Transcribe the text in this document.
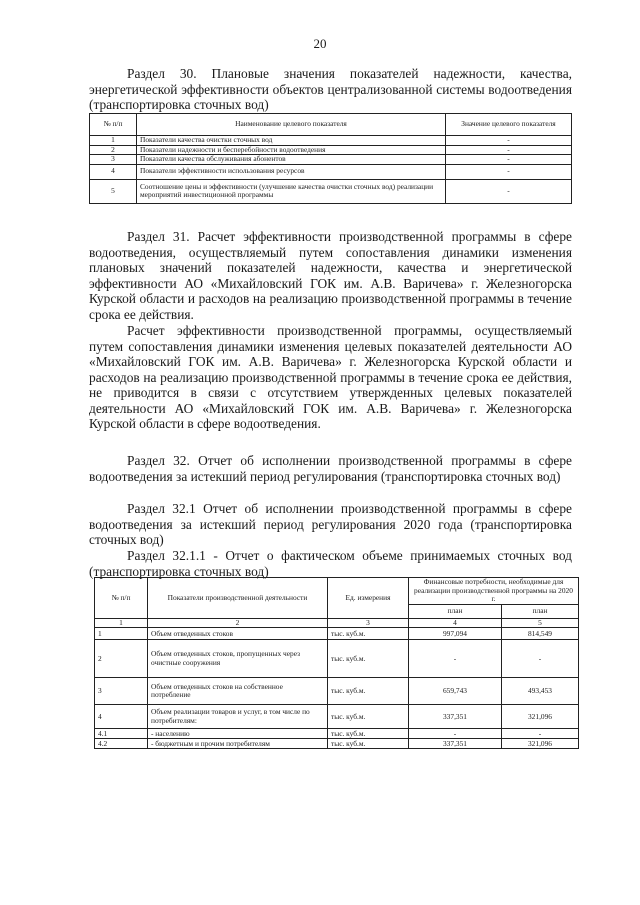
20
Раздел 30. Плановые значения показателей надежности, качества, энергетической эффективности объектов централизованной системы водоотведения (транспортировка сточных вод)
№ п/п	Наименование целевого показателя	Значение целевого показателя
1	Показатели качества очистки сточных вод	-
2	Показатели надежности и бесперебойности водоотведения	-
3	Показатели качества обслуживания абонентов	-
4	Показатели эффективности использования ресурсов	-
5	Соотношение цены и эффективности (улучшение качества очистки сточных вод) реализации мероприятий инвестиционной программы	-
Раздел 31. Расчет эффективности производственной программы в сфере водоотведения, осуществляемый путем сопоставления динамики изменения плановых значений показателей надежности, качества и энергетической эффективности АО «Михайловский ГОК им. А.В. Варичева» г. Железногорска Курской области и расходов на реализацию производственной программы в течение срока ее действия.
Расчет эффективности производственной программы, осуществляемый путем сопоставления динамики изменения целевых показателей деятельности АО «Михайловский ГОК им. А.В. Варичева» г. Железногорска Курской области и расходов на реализацию производственной программы в течение срока ее действия, не приводится в связи с отсутствием утвержденных целевых показателей деятельности АО «Михайловский ГОК им. А.В. Варичева» г. Железногорска Курской области в сфере водоотведения.
Раздел 32. Отчет об исполнении производственной программы в сфере водоотведения за истекший период регулирования (транспортировка сточных вод)
Раздел 32.1 Отчет об исполнении производственной программы в сфере водоотведения за истекший период регулирования 2020 года (транспортировка сточных вод)
Раздел 32.1.1 - Отчет о фактическом объеме принимаемых сточных вод (транспортировка сточных вод)
№ п/п	Показатели производственной деятельности	Ед. измерения	Финансовые потребности, необходимые для реализации производственной программы на 2020 г.	
			план	план
1	2	3	4	5
1	Объем отведенных стоков	тыс. куб.м.	997,094	814,549
2	Объем отведенных стоков, пропущенных через очистные сооружения	тыс. куб.м.	-	-
3	Объем отведенных стоков на собственное потребление	тыс. куб.м.	659,743	493,453
4	Объем реализации товаров и услуг, в том числе по потребителям:	тыс. куб.м.	337,351	321,096
4.1	- населению	тыс. куб.м.	-	-
4.2	- бюджетным и прочим потребителям	тыс. куб.м.	337,351	321,096
